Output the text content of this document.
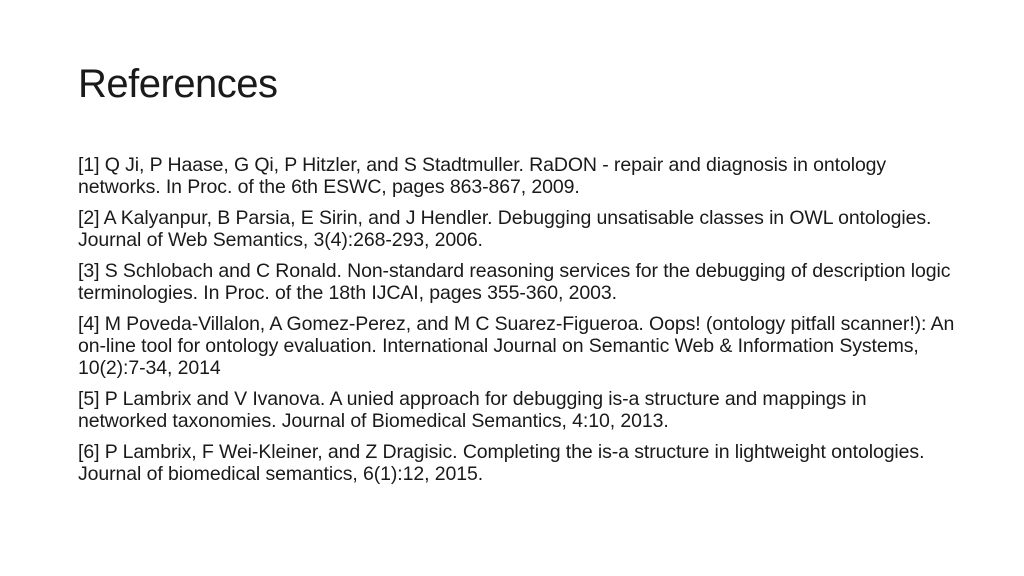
References
[1] Q Ji, P Haase, G Qi, P Hitzler, and S Stadtmuller. RaDON - repair and diagnosis in ontology networks. In Proc. of the 6th ESWC, pages 863-867, 2009.
[2] A Kalyanpur, B Parsia, E Sirin, and J Hendler. Debugging unsatisable classes in OWL ontologies. Journal of Web Semantics, 3(4):268-293, 2006.
[3] S Schlobach and C Ronald. Non-standard reasoning services for the debugging of description logic terminologies. In Proc. of the 18th IJCAI, pages 355-360, 2003.
[4] M Poveda-Villalon, A Gomez-Perez, and M C Suarez-Figueroa. Oops! (ontology pitfall scanner!): An on-line tool for ontology evaluation. International Journal on Semantic Web & Information Systems, 10(2):7-34, 2014
[5] P Lambrix and V Ivanova. A unied approach for debugging is-a structure and mappings in networked taxonomies. Journal of Biomedical Semantics, 4:10, 2013.
[6] P Lambrix, F Wei-Kleiner, and Z Dragisic. Completing the is-a structure in lightweight ontologies. Journal of biomedical semantics, 6(1):12, 2015.
